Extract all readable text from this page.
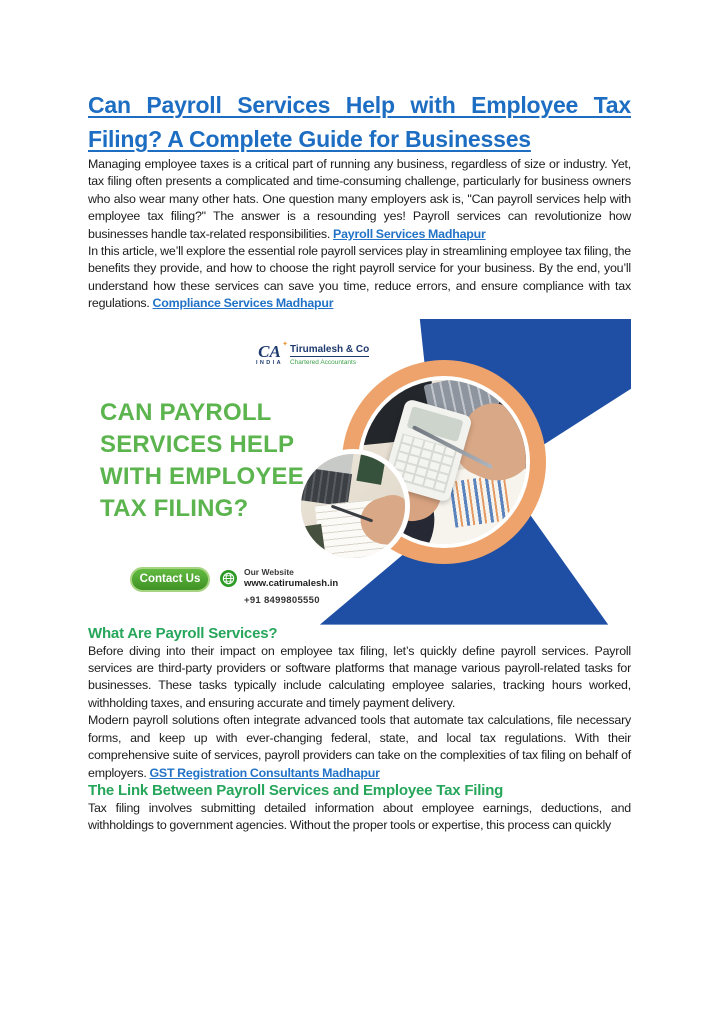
Can Payroll Services Help with Employee Tax
Filing? A Complete Guide for Businesses

Managing employee taxes is a critical part of running any business, regardless of size or industry. Yet, tax filing often presents a complicated and time-consuming challenge, particularly for business owners who also wear many other hats. One question many employers ask is, "Can payroll services help with employee tax filing?" The answer is a resounding yes! Payroll services can revolutionize how businesses handle tax-related responsibilities. Payroll Services Madhapur

In this article, we’ll explore the essential role payroll services play in streamlining employee tax filing, the benefits they provide, and how to choose the right payroll service for your business. By the end, you’ll understand how these services can save you time, reduce errors, and ensure compliance with tax regulations. Compliance Services Madhapur

CA ✦
INDIA
Tirumalesh & Co
Chartered Accountants
CAN PAYROLL SERVICES HELP WITH EMPLOYEE TAX FILING?
Contact Us
Our Website
www.catirumalesh.in
+91 8499805550
What Are Payroll Services?

Before diving into their impact on employee tax filing, let’s quickly define payroll services. Payroll services are third-party providers or software platforms that manage various payroll-related tasks for businesses. These tasks typically include calculating employee salaries, tracking hours worked, withholding taxes, and ensuring accurate and timely payment delivery.

Modern payroll solutions often integrate advanced tools that automate tax calculations, file necessary forms, and keep up with ever-changing federal, state, and local tax regulations. With their comprehensive suite of services, payroll providers can take on the complexities of tax filing on behalf of employers. GST Registration Consultants Madhapur

The Link Between Payroll Services and Employee Tax Filing

Tax filing involves submitting detailed information about employee earnings, deductions, and withholdings to government agencies. Without the proper tools or expertise, this process can quickly
